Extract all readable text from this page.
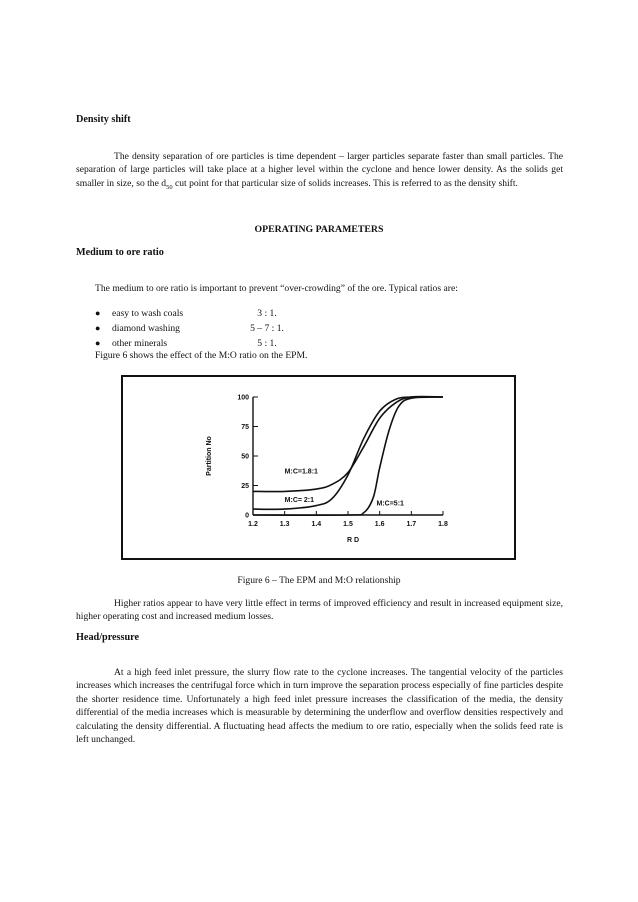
Density shift

The density separation of ore particles is time dependent – larger particles separate faster than small particles. The separation of large particles will take place at a higher level within the cyclone and hence lower density. As the solids get smaller in size, so the $d_{50}$ cut point for that particular size of solids increases. This is referred to as the density shift.

OPERATING PARAMETERS
Medium to ore ratio
The medium to ore ratio is important to prevent “over-crowding” of the ore. Typical ratios are:
● easy to wash coals	3 : 1.
● diamond washing	5 – 7 : 1.
● other minerals	5 : 1.
Figure 6 shows the effect of the M:O ratio on the EPM.
0
25
50
75
100
1.2	1.3	1.4	1.5	1.6	1.7	1.8
R D
Partition No	M:C=1.8:1
M:C= 2:1
M:C=5:1
Figure 6 – The EPM and M:O relationship

Higher ratios appear to have very little effect in terms of improved efficiency and result in increased equipment size, higher operating cost and increased medium losses.

Head/pressure

At a high feed inlet pressure, the slurry flow rate to the cyclone increases. The tangential velocity of the particles increases which increases the centrifugal force which in turn improve the separation process especially of fine particles despite the shorter residence time. Unfortunately a high feed inlet pressure increases the classification of the media, the density differential of the media increases which is measurable by determining the underflow and overflow densities respectively and calculating the density differential. A fluctuating head affects the medium to ore ratio, especially when the solids feed rate is left unchanged.
